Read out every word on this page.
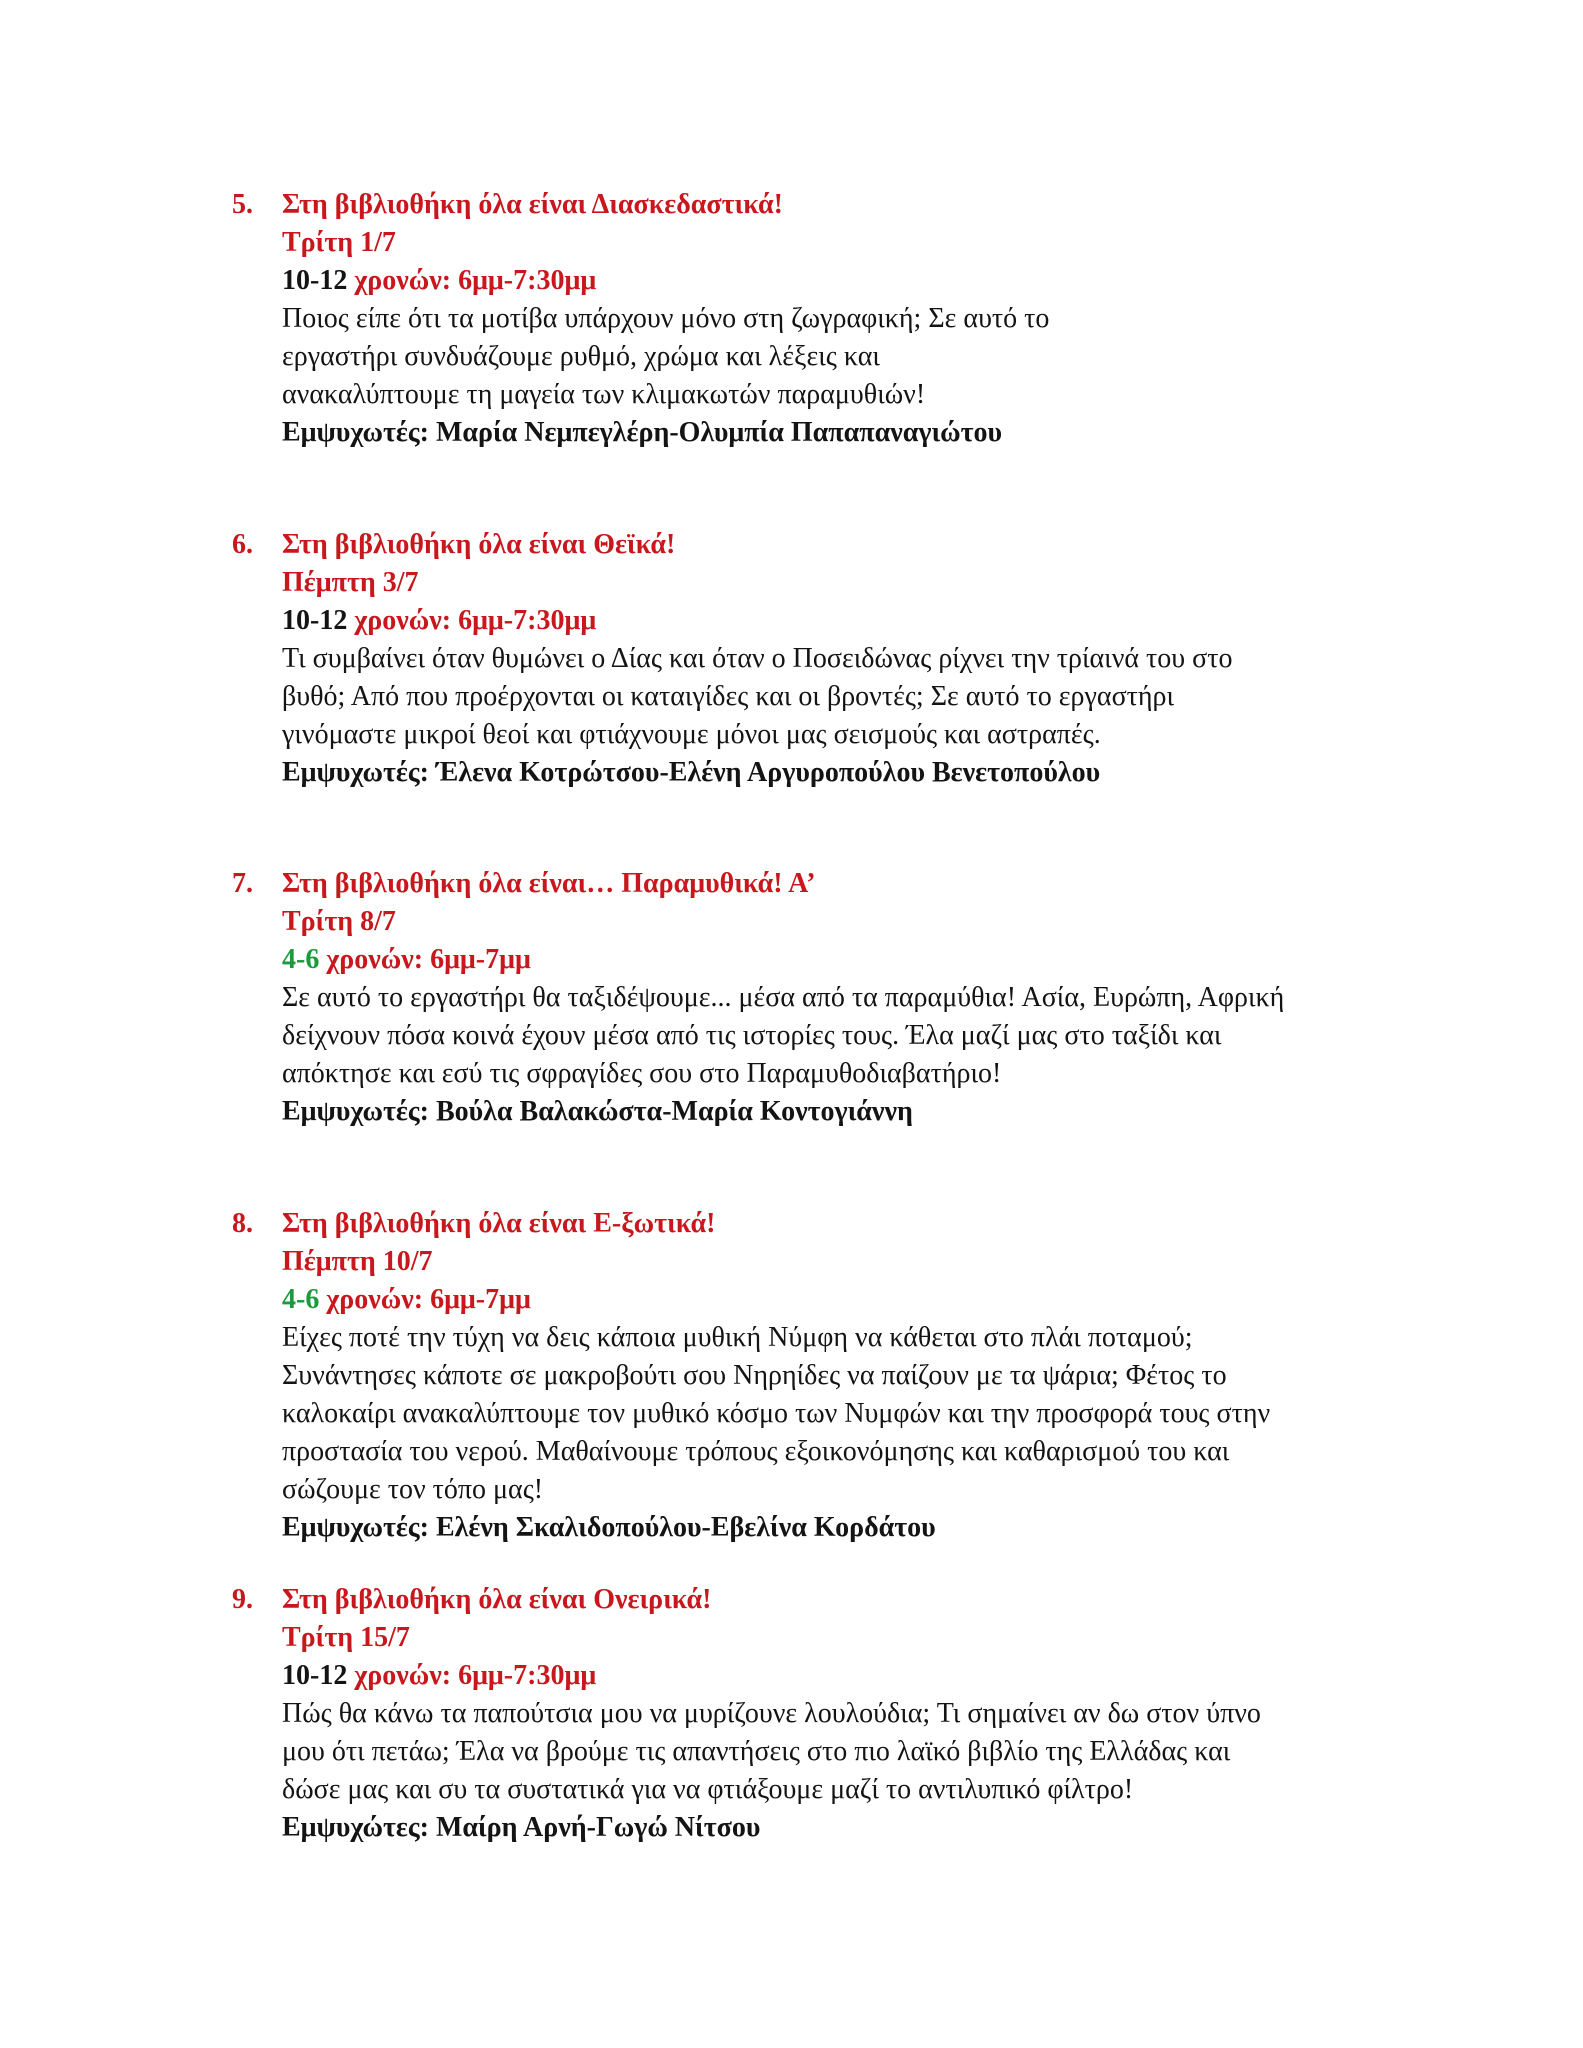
5. Στη βιβλιοθήκη όλα είναι Διασκεδαστικά!
Τρίτη 1/7
10-12 χρονών: 6μμ-7:30μμ
Ποιος είπε ότι τα μοτίβα υπάρχουν μόνο στη ζωγραφική; Σε αυτό το
εργαστήρι συνδυάζουμε ρυθμό, χρώμα και λέξεις και
ανακαλύπτουμε τη μαγεία των κλιμακωτών παραμυθιών!
Εμψυχωτές: Μαρία Νεμπεγλέρη-Ολυμπία Παπαπαναγιώτου
6. Στη βιβλιοθήκη όλα είναι Θεϊκά!
Πέμπτη 3/7
10-12 χρονών: 6μμ-7:30μμ
Τι συμβαίνει όταν θυμώνει ο Δίας και όταν ο Ποσειδώνας ρίχνει την τρίαινά του στο
βυθό; Από που προέρχονται οι καταιγίδες και οι βροντές; Σε αυτό το εργαστήρι
γινόμαστε μικροί θεοί και φτιάχνουμε μόνοι μας σεισμούς και αστραπές.
Εμψυχωτές: Έλενα Κοτρώτσου-Ελένη Αργυροπούλου Βενετοπούλου
7. Στη βιβλιοθήκη όλα είναι… Παραμυθικά! Α’
Τρίτη 8/7
4-6 χρονών: 6μμ-7μμ
Σε αυτό το εργαστήρι θα ταξιδέψουμε... μέσα από τα παραμύθια! Ασία, Ευρώπη, Αφρική
δείχνουν πόσα κοινά έχουν μέσα από τις ιστορίες τους. Έλα μαζί μας στο ταξίδι και
απόκτησε και εσύ τις σφραγίδες σου στο Παραμυθοδιαβατήριο!
Εμψυχωτές: Βούλα Βαλακώστα-Μαρία Κοντογιάννη
8. Στη βιβλιοθήκη όλα είναι Ε-ξωτικά!
Πέμπτη 10/7
4-6 χρονών: 6μμ-7μμ
Είχες ποτέ την τύχη να δεις κάποια μυθική Νύμφη να κάθεται στο πλάι ποταμού;
Συνάντησες κάποτε σε μακροβούτι σου Νηρηίδες να παίζουν με τα ψάρια; Φέτος το
καλοκαίρι ανακαλύπτουμε τον μυθικό κόσμο των Νυμφών και την προσφορά τους στην
προστασία του νερού. Μαθαίνουμε τρόπους εξοικονόμησης και καθαρισμού του και
σώζουμε τον τόπο μας!
Εμψυχωτές: Ελένη Σκαλιδοπούλου-Εβελίνα Κορδάτου
9. Στη βιβλιοθήκη όλα είναι Ονειρικά!
Τρίτη 15/7
10-12 χρονών: 6μμ-7:30μμ
Πώς θα κάνω τα παπούτσια μου να μυρίζουνε λουλούδια; Τι σημαίνει αν δω στον ύπνο
μου ότι πετάω; Έλα να βρούμε τις απαντήσεις στο πιο λαϊκό βιβλίο της Ελλάδας και
δώσε μας και συ τα συστατικά για να φτιάξουμε μαζί το αντιλυπικό φίλτρο!
Εμψυχώτες: Μαίρη Αρνή-Γωγώ Νίτσου
